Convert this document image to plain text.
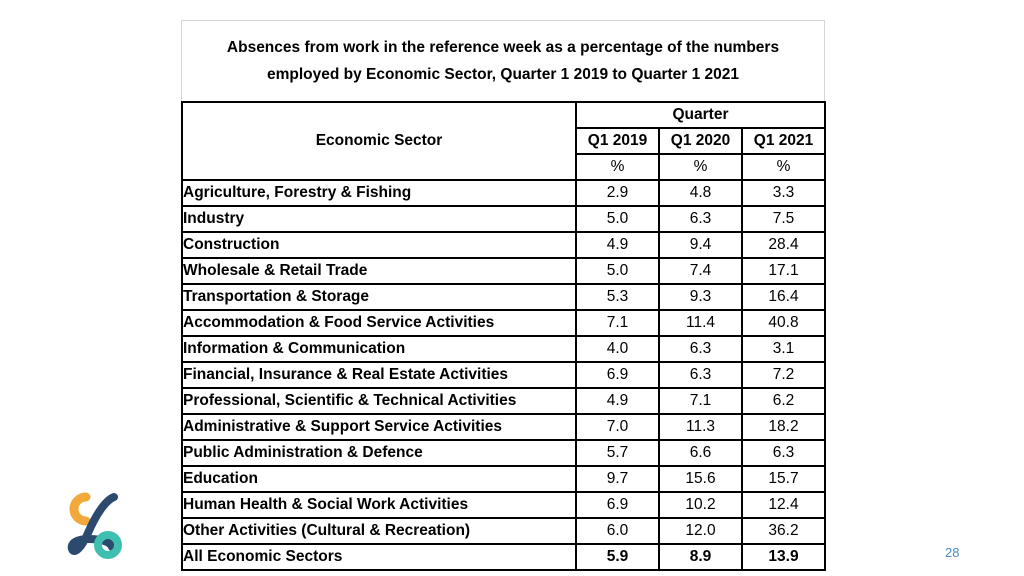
Absences from work in the reference week as a percentage of the numbers
employed by Economic Sector, Quarter 1 2019 to Quarter 1 2021
Economic Sector	Quarter		
	Q1 2019	Q1 2020	Q1 2021
	%	%	%
Agriculture, Forestry & Fishing	2.9	4.8	3.3
Industry	5.0	6.3	7.5
Construction	4.9	9.4	28.4
Wholesale & Retail Trade	5.0	7.4	17.1
Transportation & Storage	5.3	9.3	16.4
Accommodation & Food Service Activities	7.1	11.4	40.8
Information & Communication	4.0	6.3	3.1
Financial, Insurance & Real Estate Activities	6.9	6.3	7.2
Professional, Scientific & Technical Activities	4.9	7.1	6.2
Administrative & Support Service Activities	7.0	11.3	18.2
Public Administration & Defence	5.7	6.6	6.3
Education	9.7	15.6	15.7
Human Health & Social Work Activities	6.9	10.2	12.4
Other Activities (Cultural & Recreation)	6.0	12.0	36.2
All Economic Sectors	5.9	8.9	13.9	28
